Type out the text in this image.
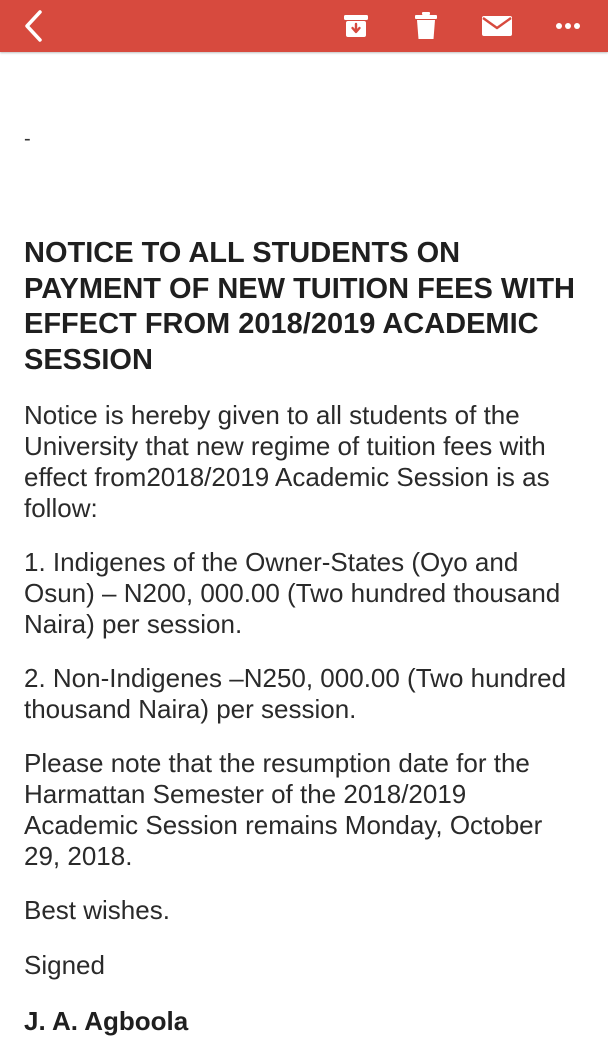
-
NOTICE TO ALL STUDENTS ON PAYMENT OF NEW TUITION FEES WITH EFFECT FROM 2018/2019 ACADEMIC SESSION

Notice is hereby given to all students of the University that new regime of tuition fees with effect from2018/2019 Academic Session is as follow:

1. Indigenes of the Owner-States (Oyo and Osun) – N200, 000.00 (Two hundred thousand Naira) per session.

2. Non-Indigenes –N250, 000.00 (Two hundred thousand Naira) per session.

Please note that the resumption date for the Harmattan Semester of the 2018/2019 Academic Session remains Monday, October 29, 2018.

Best wishes.

Signed

J. A. Agboola
